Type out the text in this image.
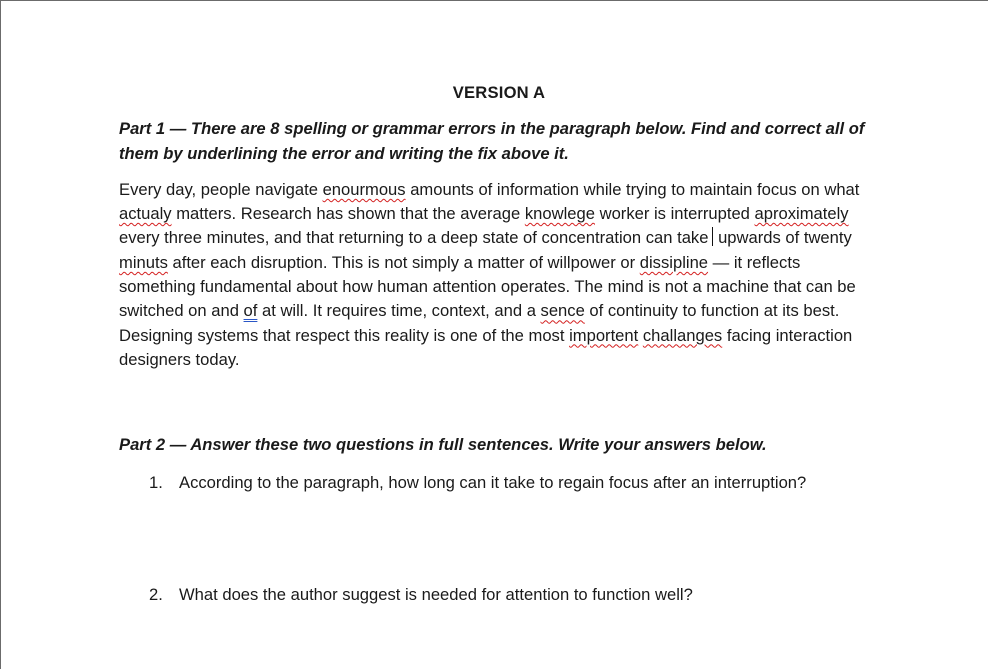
VERSION A

Part 1 — There are 8 spelling or grammar errors in the paragraph below. Find and correct all of them by underlining the error and writing the fix above it.

Every day, people navigate enourmous amounts of information while trying to maintain focus on what actualy matters. Research has shown that the average knowlege worker is interrupted aproximately every three minutes, and that returning to a deep state of concentration can take upwards of twenty minuts after each disruption. This is not simply a matter of willpower or dissipline — it reflects something fundamental about how human attention operates. The mind is not a machine that can be switched on and of at will. It requires time, context, and a sence of continuity to function at its best. Designing systems that respect this reality is one of the most importent challanges facing interaction designers today.

Part 2 — Answer these two questions in full sentences. Write your answers below.

1. According to the paragraph, how long can it take to regain focus after an interruption?

2. What does the author suggest is needed for attention to function well?
